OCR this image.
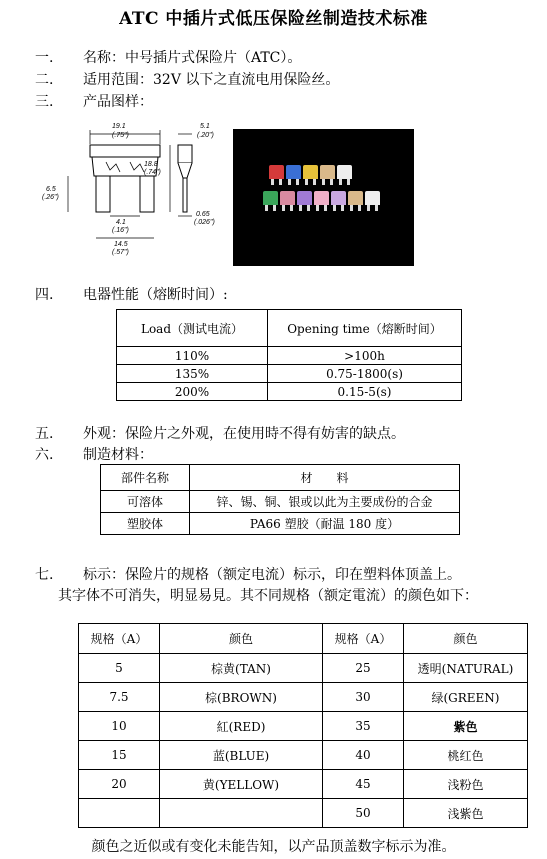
ATC 中插片式低压保险丝制造技术标准
一. 名称：中号插片式保险片（ATC）。
二. 适用范围：32V 以下之直流电用保险丝。
三. 产品图样：
19.1
(.75")
18.8
(.74")
6.5
(.26")
4.1
(.16")
14.5
(.57")
5.1
(.20")
0.65
(.026")
四. 电器性能（熔断时间）:
Load（测试电流）	Opening time（熔断时间）
110%	>100h
135%	0.75-1800(s)
200%	0.15-5(s)
五. 外观：保险片之外观，在使用時不得有妨害的缺点。
六. 制造材料：
部件名称	材　　料
可溶体	锌、锡、铜、银或以此为主要成份的合金
塑胶体	PA66 塑胶（耐温 180 度）
七. 标示：保险片的规格（额定电流）标示，印在塑料体顶盖上。
其字体不可消失，明显易見。其不同规格（额定電流）的颜色如下：
规格（A）	颜色	规格（A）	颜色
5	棕黄(TAN)	25	透明(NATURAL)
7.5	棕(BROWN)	30	绿(GREEN)
10	紅(RED)	35	紫色
15	蓝(BLUE)	40	桃红色
20	黄(YELLOW)	45	浅粉色
		50	浅紫色
颜色之近似或有变化未能告知，以产品顶盖数字标示为准。
